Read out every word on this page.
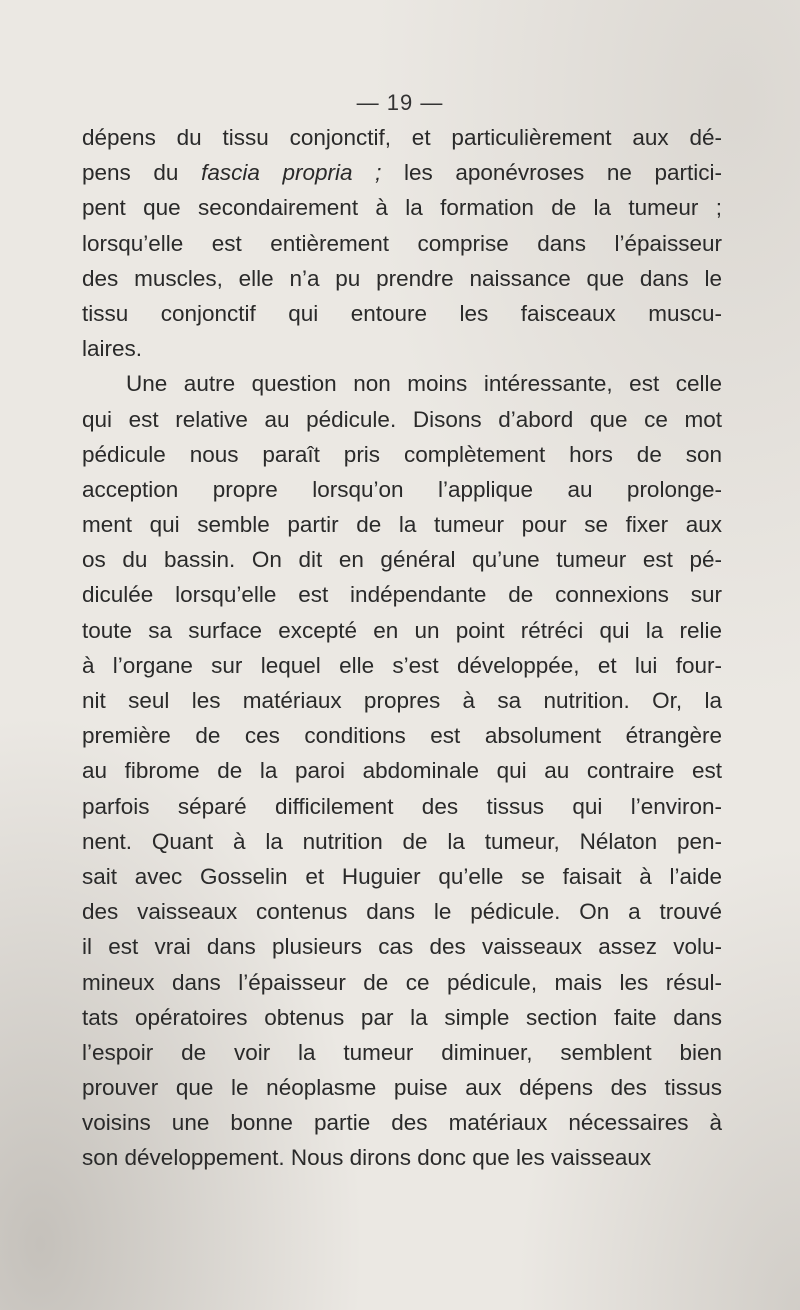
— 19 —
dépens du tissu conjonctif, et particulièrement aux dé-
pens du fascia propria ; les aponévroses ne partici-
pent que secondairement à la formation de la tumeur ;
lorsqu’elle est entièrement comprise dans l’épaisseur
des muscles, elle n’a pu prendre naissance que dans le
tissu conjonctif qui entoure les faisceaux muscu-
laires.
Une autre question non moins intéressante, est celle
qui est relative au pédicule. Disons d’abord que ce mot
pédicule nous paraît pris complètement hors de son
acception propre lorsqu’on l’applique au prolonge-
ment qui semble partir de la tumeur pour se fixer aux
os du bassin. On dit en général qu’une tumeur est pé-
diculée lorsqu’elle est indépendante de connexions sur
toute sa surface excepté en un point rétréci qui la relie
à l’organe sur lequel elle s’est développée, et lui four-
nit seul les matériaux propres à sa nutrition. Or, la
première de ces conditions est absolument étrangère
au fibrome de la paroi abdominale qui au contraire est
parfois séparé difficilement des tissus qui l’environ-
nent. Quant à la nutrition de la tumeur, Nélaton pen-
sait avec Gosselin et Huguier qu’elle se faisait à l’aide
des vaisseaux contenus dans le pédicule. On a trouvé
il est vrai dans plusieurs cas des vaisseaux assez volu-
mineux dans l’épaisseur de ce pédicule, mais les résul-
tats opératoires obtenus par la simple section faite dans
l’espoir de voir la tumeur diminuer, semblent bien
prouver que le néoplasme puise aux dépens des tissus
voisins une bonne partie des matériaux nécessaires à
son développement. Nous dirons donc que les vaisseaux
